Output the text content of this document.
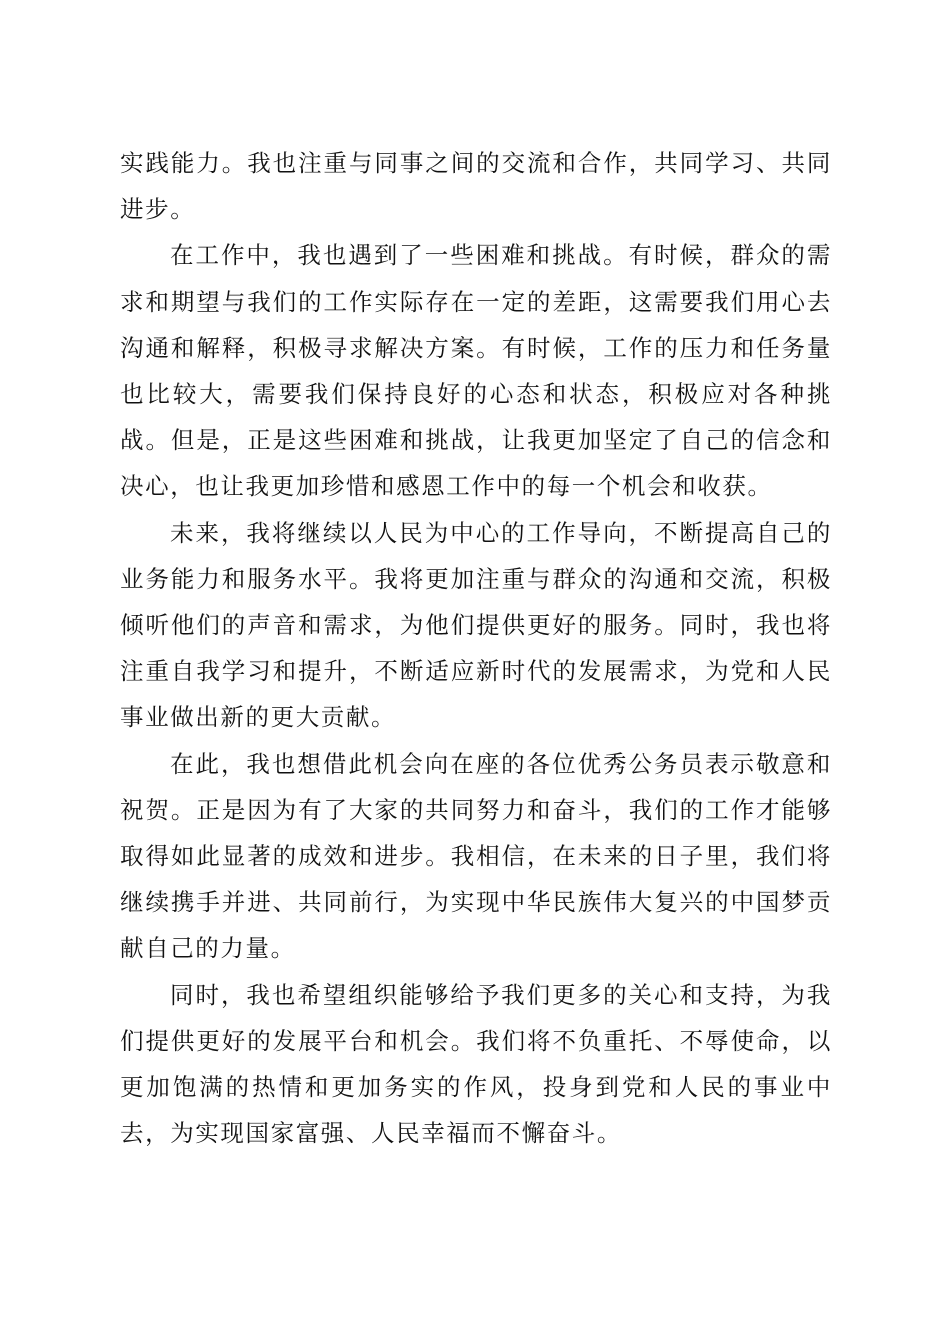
实践能力。我也注重与同事之间的交流和合作，共同学习、共同进步。

在工作中，我也遇到了一些困难和挑战。有时候，群众的需求和期望与我们的工作实际存在一定的差距，这需要我们用心去沟通和解释，积极寻求解决方案。有时候，工作的压力和任务量也比较大，需要我们保持良好的心态和状态，积极应对各种挑战。但是，正是这些困难和挑战，让我更加坚定了自己的信念和决心，也让我更加珍惜和感恩工作中的每一个机会和收获。

未来，我将继续以人民为中心的工作导向，不断提高自己的业务能力和服务水平。我将更加注重与群众的沟通和交流，积极倾听他们的声音和需求，为他们提供更好的服务。同时，我也将注重自我学习和提升，不断适应新时代的发展需求，为党和人民事业做出新的更大贡献。

在此，我也想借此机会向在座的各位优秀公务员表示敬意和祝贺。正是因为有了大家的共同努力和奋斗，我们的工作才能够取得如此显著的成效和进步。我相信，在未来的日子里，我们将继续携手并进、共同前行，为实现中华民族伟大复兴的中国梦贡献自己的力量。

同时，我也希望组织能够给予我们更多的关心和支持，为我们提供更好的发展平台和机会。我们将不负重托、不辱使命，以更加饱满的热情和更加务实的作风，投身到党和人民的事业中去，为实现国家富强、人民幸福而不懈奋斗。
